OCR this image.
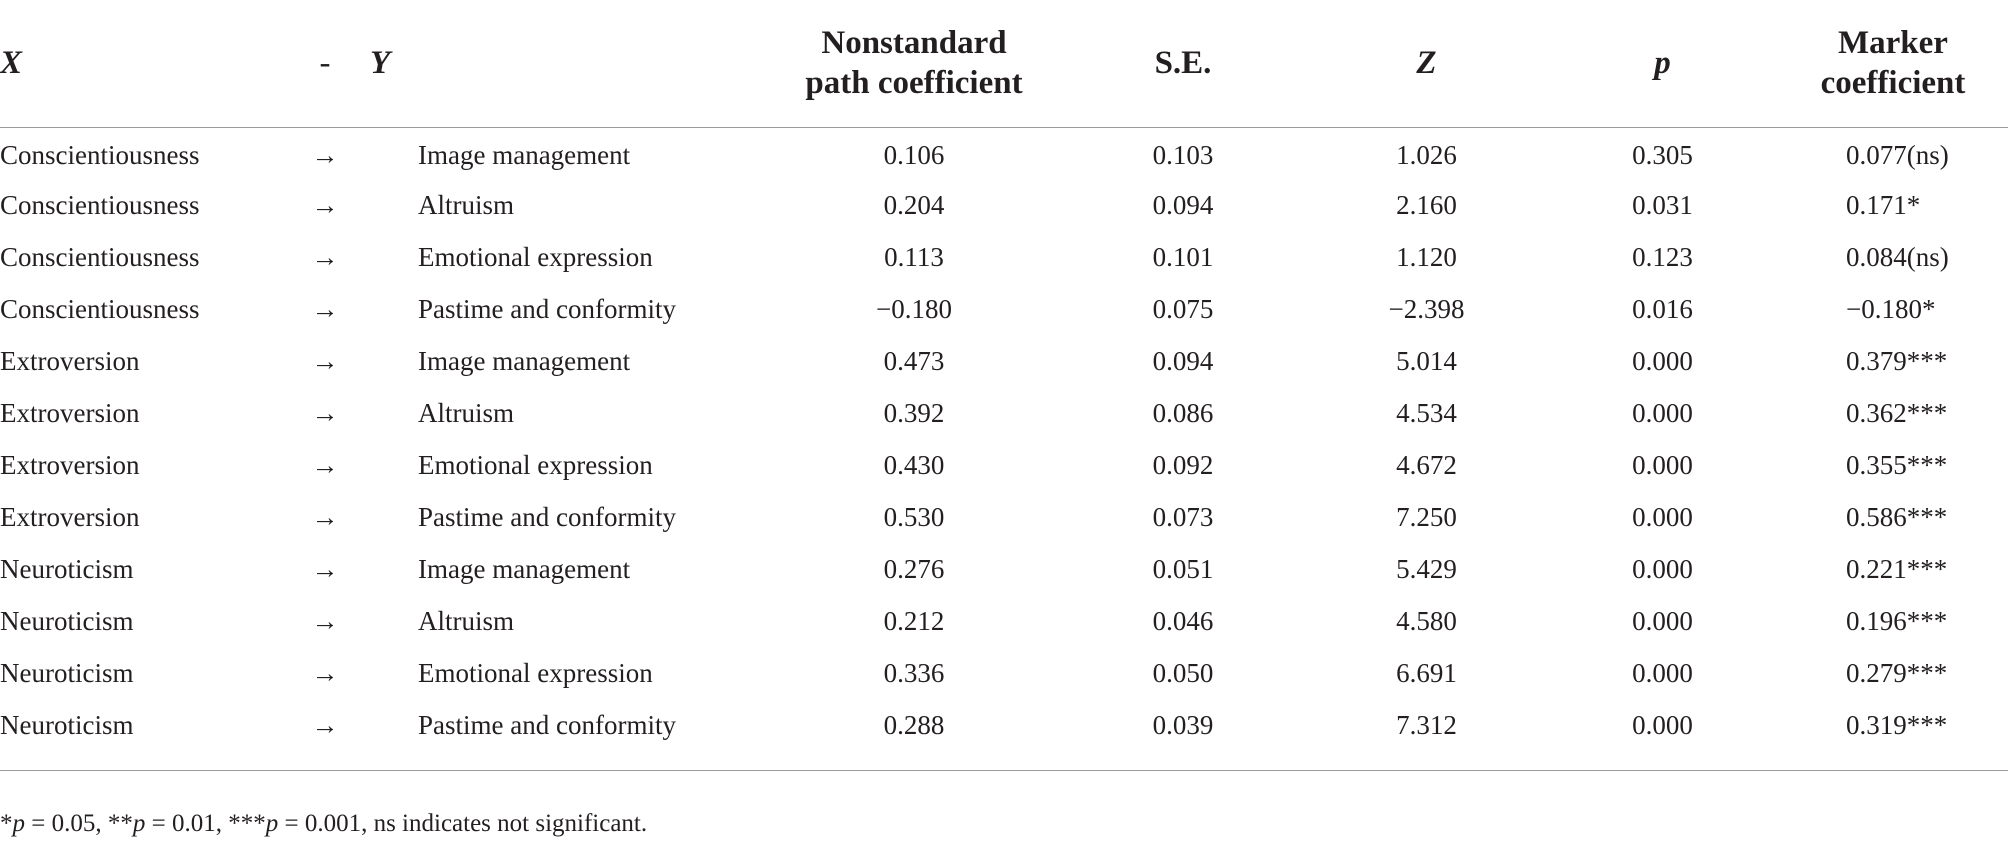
X	-	Y	Nonstandard
path coefficient	S.E.	Z	p	Marker
coefficient
Conscientiousness	→	Image management	0.106	0.103	1.026	0.305	0.077(ns)
Conscientiousness	→	Altruism	0.204	0.094	2.160	0.031	0.171*
Conscientiousness	→	Emotional expression	0.113	0.101	1.120	0.123	0.084(ns)
Conscientiousness	→	Pastime and conformity	−0.180	0.075	−2.398	0.016	−0.180*
Extroversion	→	Image management	0.473	0.094	5.014	0.000	0.379***
Extroversion	→	Altruism	0.392	0.086	4.534	0.000	0.362***
Extroversion	→	Emotional expression	0.430	0.092	4.672	0.000	0.355***
Extroversion	→	Pastime and conformity	0.530	0.073	7.250	0.000	0.586***
Neuroticism	→	Image management	0.276	0.051	5.429	0.000	0.221***
Neuroticism	→	Altruism	0.212	0.046	4.580	0.000	0.196***
Neuroticism	→	Emotional expression	0.336	0.050	6.691	0.000	0.279***
Neuroticism	→	Pastime and conformity	0.288	0.039	7.312	0.000	0.319***
*p = 0.05, **p = 0.01, ***p = 0.001, ns indicates not significant.
